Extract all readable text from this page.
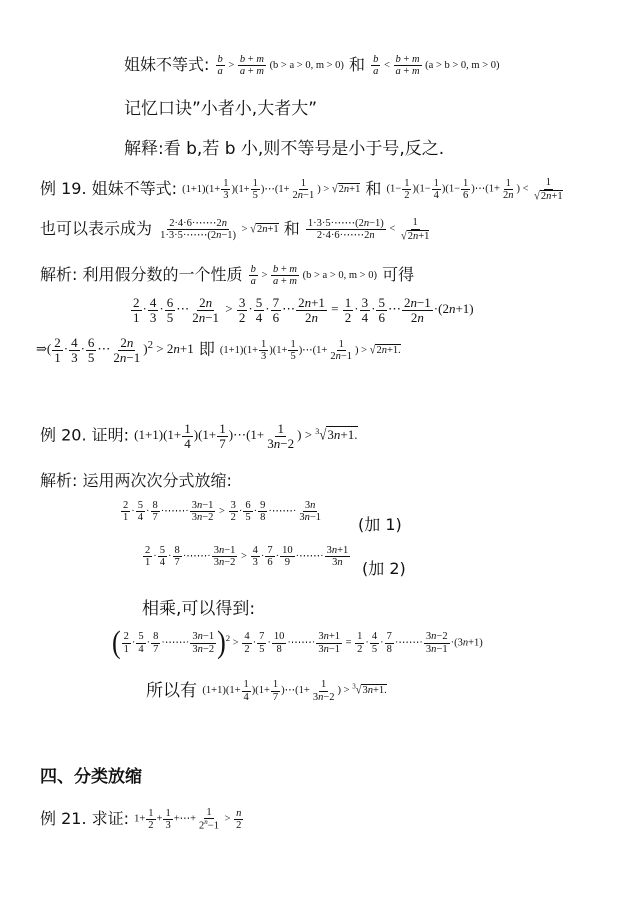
姐妹不等式: $\frac{b}{a} > \frac{b + m}{a + m} (b > a > 0$, m > 0) 和 $\frac{b}{a} < \frac{b + m}{a + m} (a > b > 0$, m > 0)
记忆口诀”小者小,大者大”
解释:看 b,若 b 小,则不等号是小于号,反之.
例 19. 姐妹不等式: $(1+1)(1+ \frac{1}{3} )(1+ \frac{1}{5}$ )⋯(1+ $\frac{1}{2n-1}$ ) > √2n+1 和 $(1- \frac{1}{2} )(1- \frac{1}{4} )(1- \frac{1}{6}$ )⋯(1+ $\frac{1}{2n}$ ) < $\frac{1}{√2n+1}$
也可以表示成为 $\frac{2\cdot 4\cdot 6\cdot\cdots\cdots 2n}{1\cdot 3\cdot 5\cdot\cdots\cdots(2n-1)} > √2n+1$ 和 $\frac{1\cdot 3\cdot 5\cdot\cdots\cdots(2n-1)}{2\cdot 4\cdot 6\cdot\cdots\cdots 2n} < \frac{1}{√2n+1}$
解析: 利用假分数的一个性质 $\frac{b}{a} > \frac{b + m}{a + m} (b > a > 0$, m > 0) 可得
$\frac{2}{1} \cdot \frac{4}{3} \cdot \frac{6}{5}$ ⋯ $\frac{2n}{2n-1} > \frac{3}{2} \cdot \frac{5}{4} \cdot \frac{7}{6}$ ⋯ $\frac{2n+1}{2n} = \frac{1}{2} \cdot \frac{3}{4} \cdot \frac{5}{6}$ ⋯ $\frac{2n-1}{2n} \cdot(2n+1)$
⇒( $\frac{2}{1} \cdot \frac{4}{3} \cdot \frac{6}{5}$ ⋯ $\frac{2n}{2n-1} )^2 > 2n+1$ 即 $(1+1)(1+ \frac{1}{3} )(1+ \frac{1}{5}$ )⋯(1+ $\frac{1}{2n-1}$ ) > √2n+1.
例 20. 证明: $(1+1)(1+ \frac{1}{4} )(1+ \frac{1}{7}$ )⋯(1+ $\frac{1}{3n-2}$ ) > $^3$√3n+1.
解析: 运用两次次分式放缩:
$\frac{2}{1} \cdot \frac{5}{4} \cdot \frac{8}{7}$ ·⋯⋯· $\frac{3n-1}{3n-2} > \frac{3}{2} \cdot \frac{6}{5} \cdot \frac{9}{8}$ ·⋯⋯· $\frac{3n}{3n-1}$
(加 1)
$\frac{2}{1} \cdot \frac{5}{4} \cdot \frac{8}{7}$ ·⋯⋯· $\frac{3n-1}{3n-2} > \frac{4}{3} \cdot \frac{7}{6} \cdot \frac{10}{9}$ ·⋯⋯· $\frac{3n+1}{3n}$
(加 2)
相乘,可以得到:
( $\frac{2}{1} \cdot \frac{5}{4} \cdot \frac{8}{7}$ ·⋯⋯· $\frac{3n-1}{3n-2} )^2 > \frac{4}{2} \cdot \frac{7}{5} \cdot \frac{10}{8}$ ·⋯⋯· $\frac{3n+1}{3n-1} = \frac{1}{2} \cdot \frac{4}{5} \cdot \frac{7}{8}$ ·⋯⋯· $\frac{3n-2}{3n-1} \cdot(3n+1)$
所以有 $(1+1)(1+ \frac{1}{4} )(1+ \frac{1}{7}$ )⋯(1+ $\frac{1}{3n-2}$ ) > $^3$√3n+1.
四、分类放缩
例 21. 求证: $1+ \frac{1}{2} + \frac{1}{3}$ +⋯+ $\frac{1}{2^n-1} > \frac{n}{2}$
